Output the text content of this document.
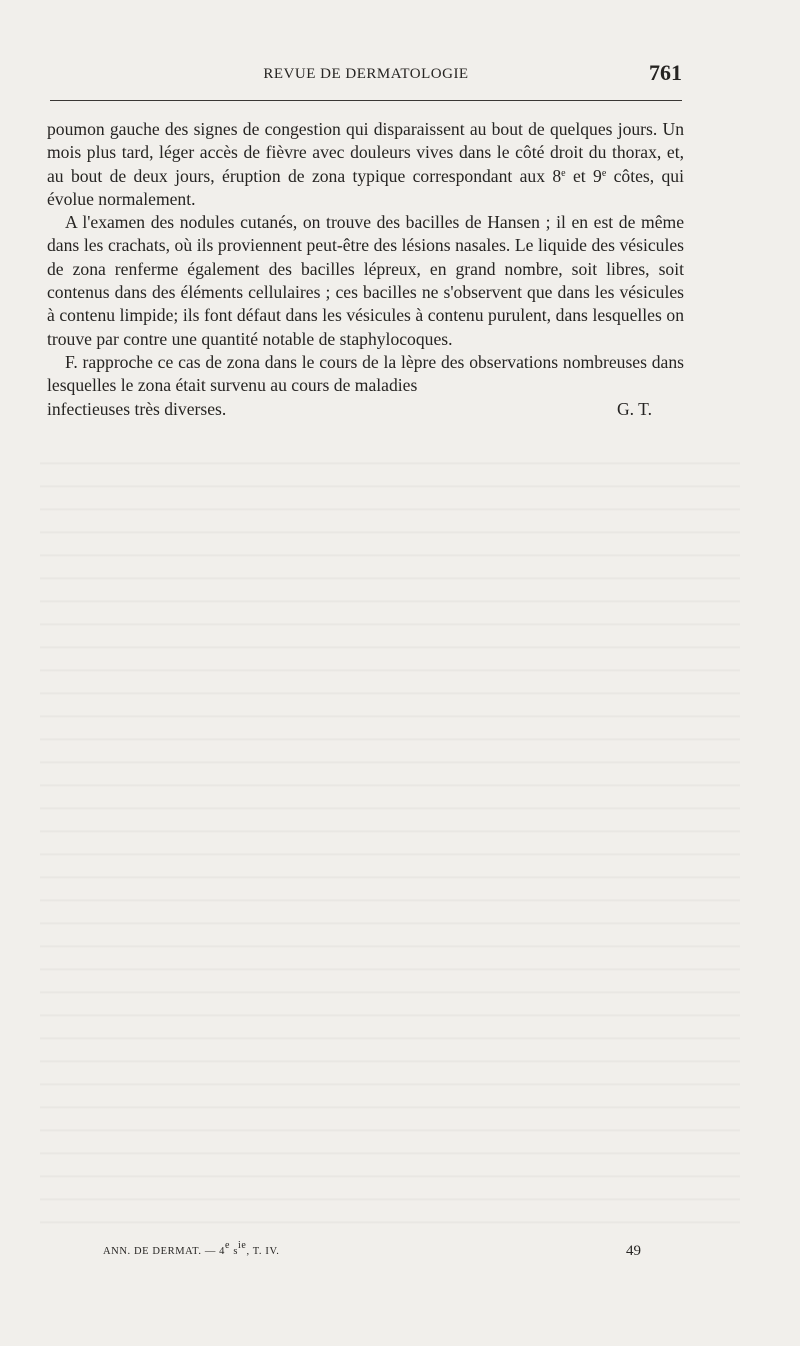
REVUE DE DERMATOLOGIE	761

poumon gauche des signes de congestion qui disparaissent au bout de quelques jours. Un mois plus tard, léger accès de fièvre avec douleurs vives dans le côté droit du thorax, et, au bout de deux jours, éruption de zona typique correspondant aux 8e et 9e côtes, qui évolue normalement.

A l'examen des nodules cutanés, on trouve des bacilles de Hansen ; il en est de même dans les crachats, où ils proviennent peut-être des lésions nasales. Le liquide des vésicules de zona renferme également des bacilles lépreux, en grand nombre, soit libres, soit contenus dans des éléments cellulaires ; ces bacilles ne s'observent que dans les vésicules à contenu limpide; ils font défaut dans les vésicules à contenu purulent, dans lesquelles on trouve par contre une quantité notable de staphylocoques.

F. rapproche ce cas de zona dans le cours de la lèpre des observations nombreuses dans lesquelles le zona était survenu au cours de maladies

infectieuses très diverses.	G. T.
ANN. DE DERMAT. — 4e $s^{ie}$, T. IV.	49
